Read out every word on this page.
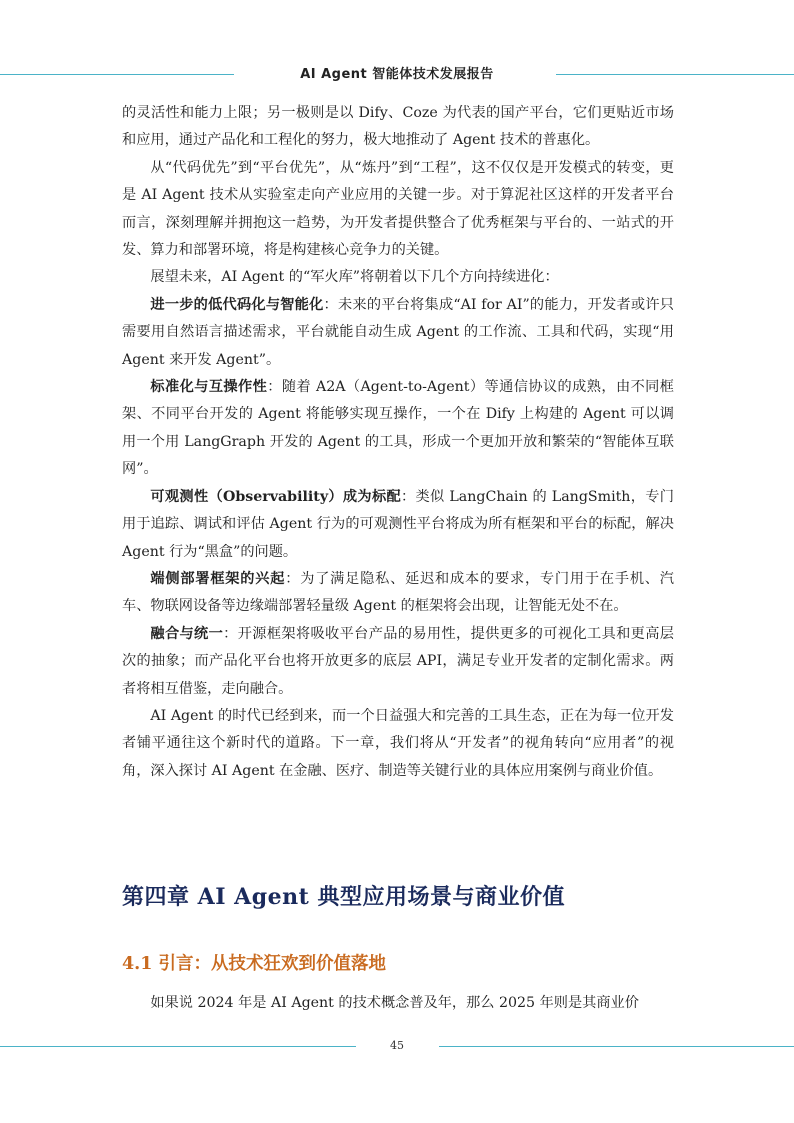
AI Agent 智能体技术发展报告

的灵活性和能力上限；另一极则是以 Dify、Coze 为代表的国产平台，它们更贴近市场和应用，通过产品化和工程化的努力，极大地推动了 Agent 技术的普惠化。

从“代码优先”到“平台优先”，从“炼丹”到“工程”，这不仅仅是开发模式的转变，更是 AI Agent 技术从实验室走向产业应用的关键一步。对于算泥社区这样的开发者平台而言，深刻理解并拥抱这一趋势，为开发者提供整合了优秀框架与平台的、一站式的开发、算力和部署环境，将是构建核心竞争力的关键。

展望未来，AI Agent 的“军火库”将朝着以下几个方向持续进化：

进一步的低代码化与智能化：未来的平台将集成“AI for AI”的能力，开发者或许只需要用自然语言描述需求，平台就能自动生成 Agent 的工作流、工具和代码，实现“用 Agent 来开发 Agent”。

标准化与互操作性：随着 A2A（Agent-to-Agent）等通信协议的成熟，由不同框架、不同平台开发的 Agent 将能够实现互操作，一个在 Dify 上构建的 Agent 可以调用一个用 LangGraph 开发的 Agent 的工具，形成一个更加开放和繁荣的“智能体互联网”。

可观测性（Observability）成为标配：类似 LangChain 的 LangSmith，专门用于追踪、调试和评估 Agent 行为的可观测性平台将成为所有框架和平台的标配，解决 Agent 行为“黑盒”的问题。

端侧部署框架的兴起：为了满足隐私、延迟和成本的要求，专门用于在手机、汽车、物联网设备等边缘端部署轻量级 Agent 的框架将会出现，让智能无处不在。

融合与统一：开源框架将吸收平台产品的易用性，提供更多的可视化工具和更高层次的抽象；而产品化平台也将开放更多的底层 API，满足专业开发者的定制化需求。两者将相互借鉴，走向融合。

AI Agent 的时代已经到来，而一个日益强大和完善的工具生态，正在为每一位开发者铺平通往这个新时代的道路。下一章，我们将从“开发者”的视角转向“应用者”的视角，深入探讨 AI Agent 在金融、医疗、制造等关键行业的具体应用案例与商业价值。

第四章 AI Agent 典型应用场景与商业价值
4.1 引言：从技术狂欢到价值落地

如果说 2024 年是 AI Agent 的技术概念普及年，那么 2025 年则是其商业价

45
